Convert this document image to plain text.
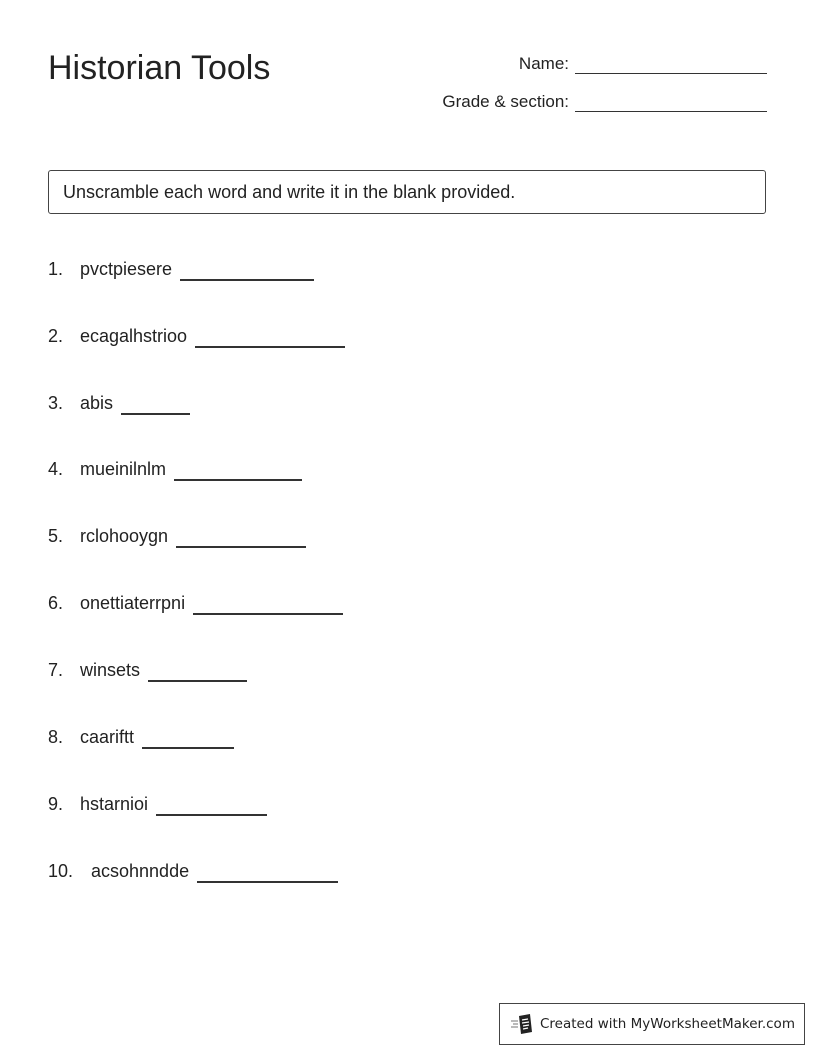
Historian Tools	Name:
Grade & section:
Unscramble each word and write it in the blank provided.
1. pvctpiesere
2. ecagalhstrioo
3. abis
4. mueinilnlm
5. rclohooygn
6. onettiaterrpni
7. winsets
8. caariftt
9. hstarnioi
10. acsohnndde
Created with MyWorksheetMaker.com
